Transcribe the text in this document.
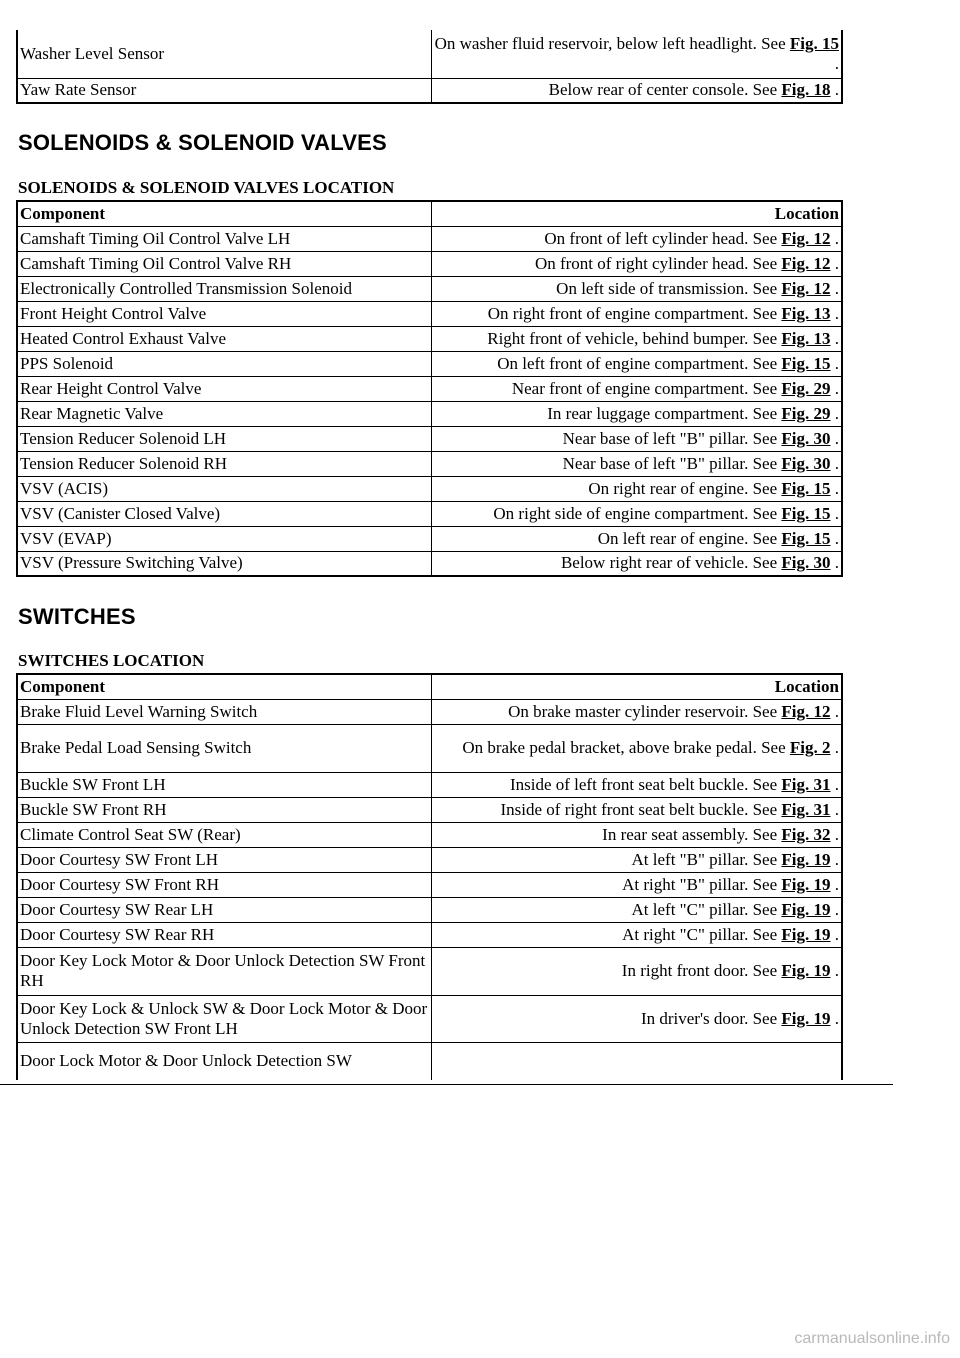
Washer Level Sensor	On washer fluid reservoir, below left headlight. See Fig. 15 .
Yaw Rate Sensor	Below rear of center console. See Fig. 18 .
SOLENOIDS & SOLENOID VALVES
SOLENOIDS & SOLENOID VALVES LOCATION
Component	Location
Camshaft Timing Oil Control Valve LH	On front of left cylinder head. See Fig. 12 .
Camshaft Timing Oil Control Valve RH	On front of right cylinder head. See Fig. 12 .
Electronically Controlled Transmission Solenoid	On left side of transmission. See Fig. 12 .
Front Height Control Valve	On right front of engine compartment. See Fig. 13 .
Heated Control Exhaust Valve	Right front of vehicle, behind bumper. See Fig. 13 .
PPS Solenoid	On left front of engine compartment. See Fig. 15 .
Rear Height Control Valve	Near front of engine compartment. See Fig. 29 .
Rear Magnetic Valve	In rear luggage compartment. See Fig. 29 .
Tension Reducer Solenoid LH	Near base of left "B" pillar. See Fig. 30 .
Tension Reducer Solenoid RH	Near base of left "B" pillar. See Fig. 30 .
VSV (ACIS)	On right rear of engine. See Fig. 15 .
VSV (Canister Closed Valve)	On right side of engine compartment. See Fig. 15 .
VSV (EVAP)	On left rear of engine. See Fig. 15 .
VSV (Pressure Switching Valve)	Below right rear of vehicle. See Fig. 30 .
SWITCHES
SWITCHES LOCATION
Component	Location
Brake Fluid Level Warning Switch	On brake master cylinder reservoir. See Fig. 12 .
Brake Pedal Load Sensing Switch	On brake pedal bracket, above brake pedal. See Fig. 2 .
Buckle SW Front LH	Inside of left front seat belt buckle. See Fig. 31 .
Buckle SW Front RH	Inside of right front seat belt buckle. See Fig. 31 .
Climate Control Seat SW (Rear)	In rear seat assembly. See Fig. 32 .
Door Courtesy SW Front LH	At left "B" pillar. See Fig. 19 .
Door Courtesy SW Front RH	At right "B" pillar. See Fig. 19 .
Door Courtesy SW Rear LH	At left "C" pillar. See Fig. 19 .
Door Courtesy SW Rear RH	At right "C" pillar. See Fig. 19 .
Door Key Lock Motor & Door Unlock Detection SW Front RH	In right front door. See Fig. 19 .
Door Key Lock & Unlock SW & Door Lock Motor & Door Unlock Detection SW Front LH	In driver's door. See Fig. 19 .
Door Lock Motor & Door Unlock Detection SW	
carmanualsonline.info
